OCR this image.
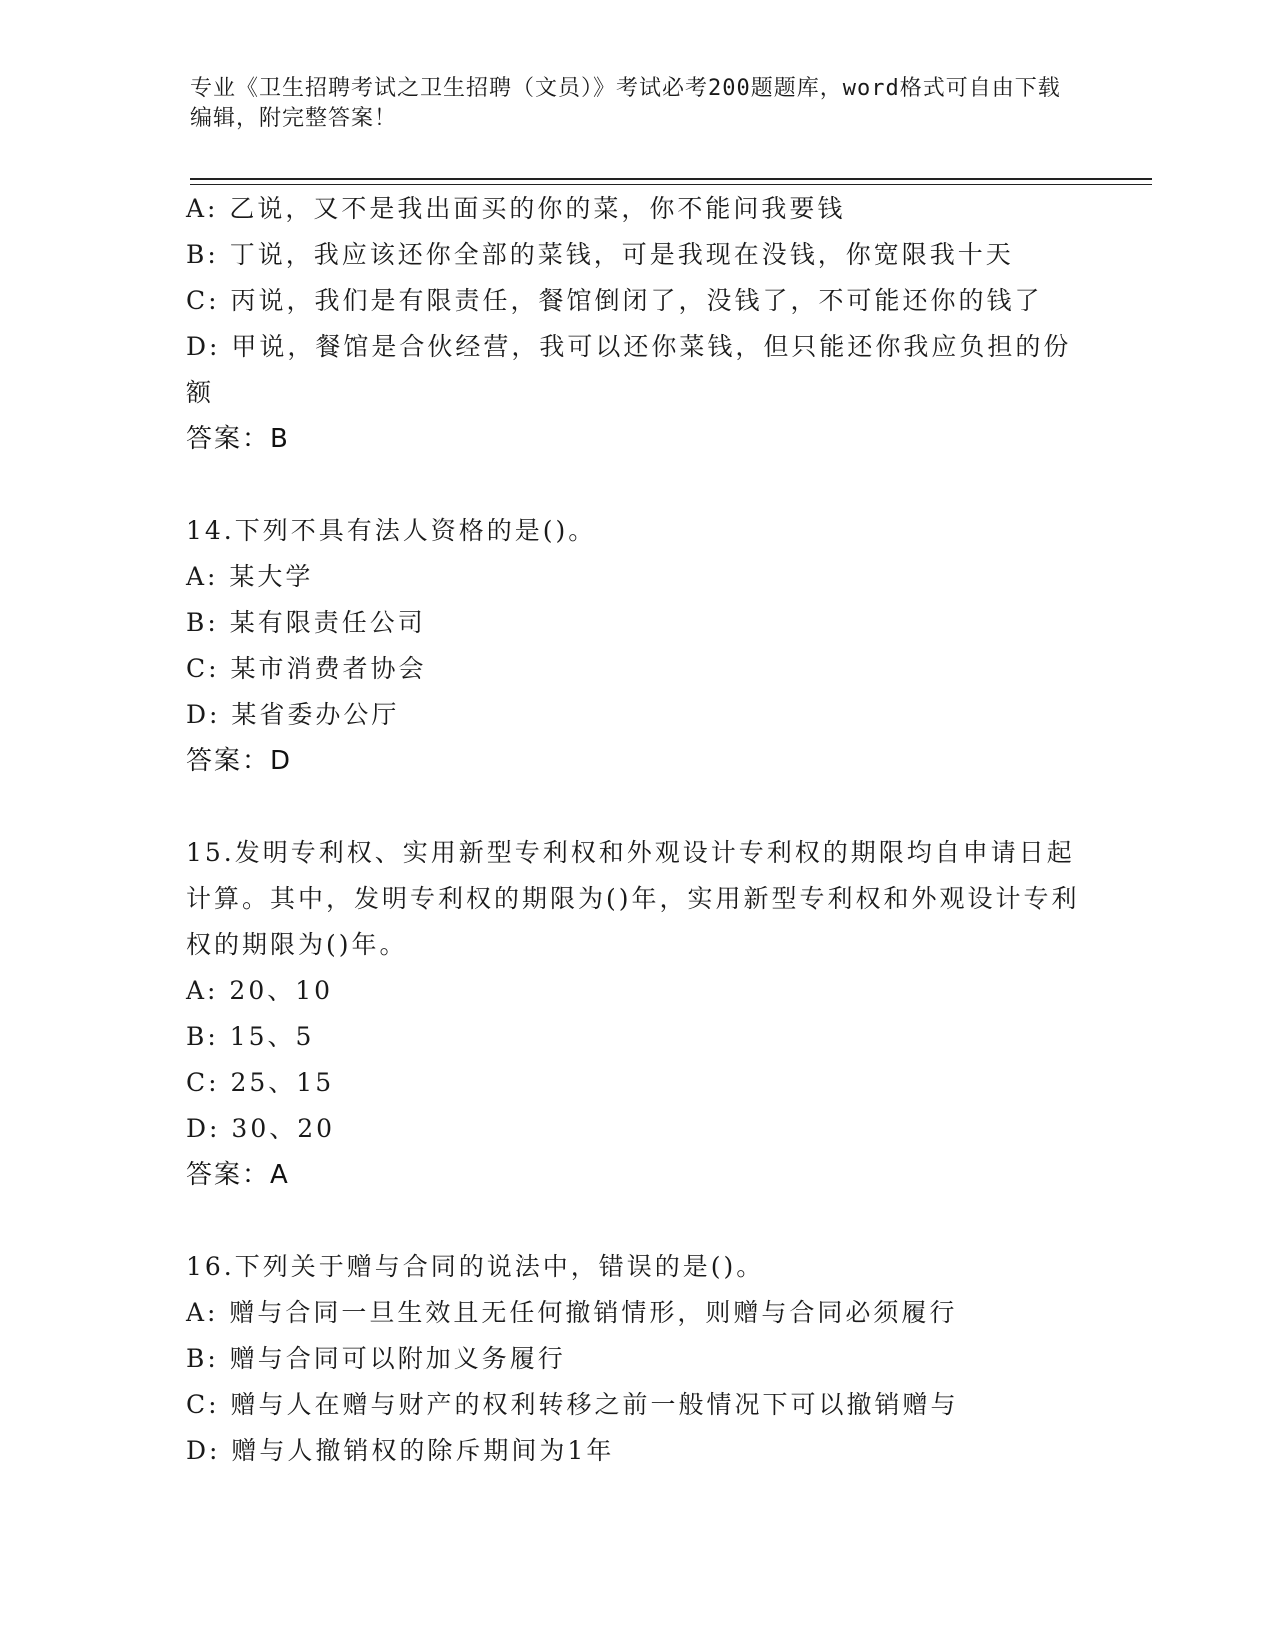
专业《卫生招聘考试之卫生招聘（文员）》考试必考200题题库，word格式可自由下载编辑，附完整答案！
A: 乙说，又不是我出面买的你的菜，你不能问我要钱
B: 丁说，我应该还你全部的菜钱，可是我现在没钱，你宽限我十天
C: 丙说，我们是有限责任，餐馆倒闭了，没钱了，不可能还你的钱了
D: 甲说，餐馆是合伙经营，我可以还你菜钱，但只能还你我应负担的份额
答案：B
14.下列不具有法人资格的是()。
A: 某大学
B: 某有限责任公司
C: 某市消费者协会
D: 某省委办公厅
答案：D
15.发明专利权、实用新型专利权和外观设计专利权的期限均自申请日起计算。其中，发明专利权的期限为()年，实用新型专利权和外观设计专利权的期限为()年。
A: 20、10
B: 15、5
C: 25、15
D: 30、20
答案：A
16.下列关于赠与合同的说法中，错误的是()。
A: 赠与合同一旦生效且无任何撤销情形，则赠与合同必须履行
B: 赠与合同可以附加义务履行
C: 赠与人在赠与财产的权利转移之前一般情况下可以撤销赠与
D: 赠与人撤销权的除斥期间为1年
